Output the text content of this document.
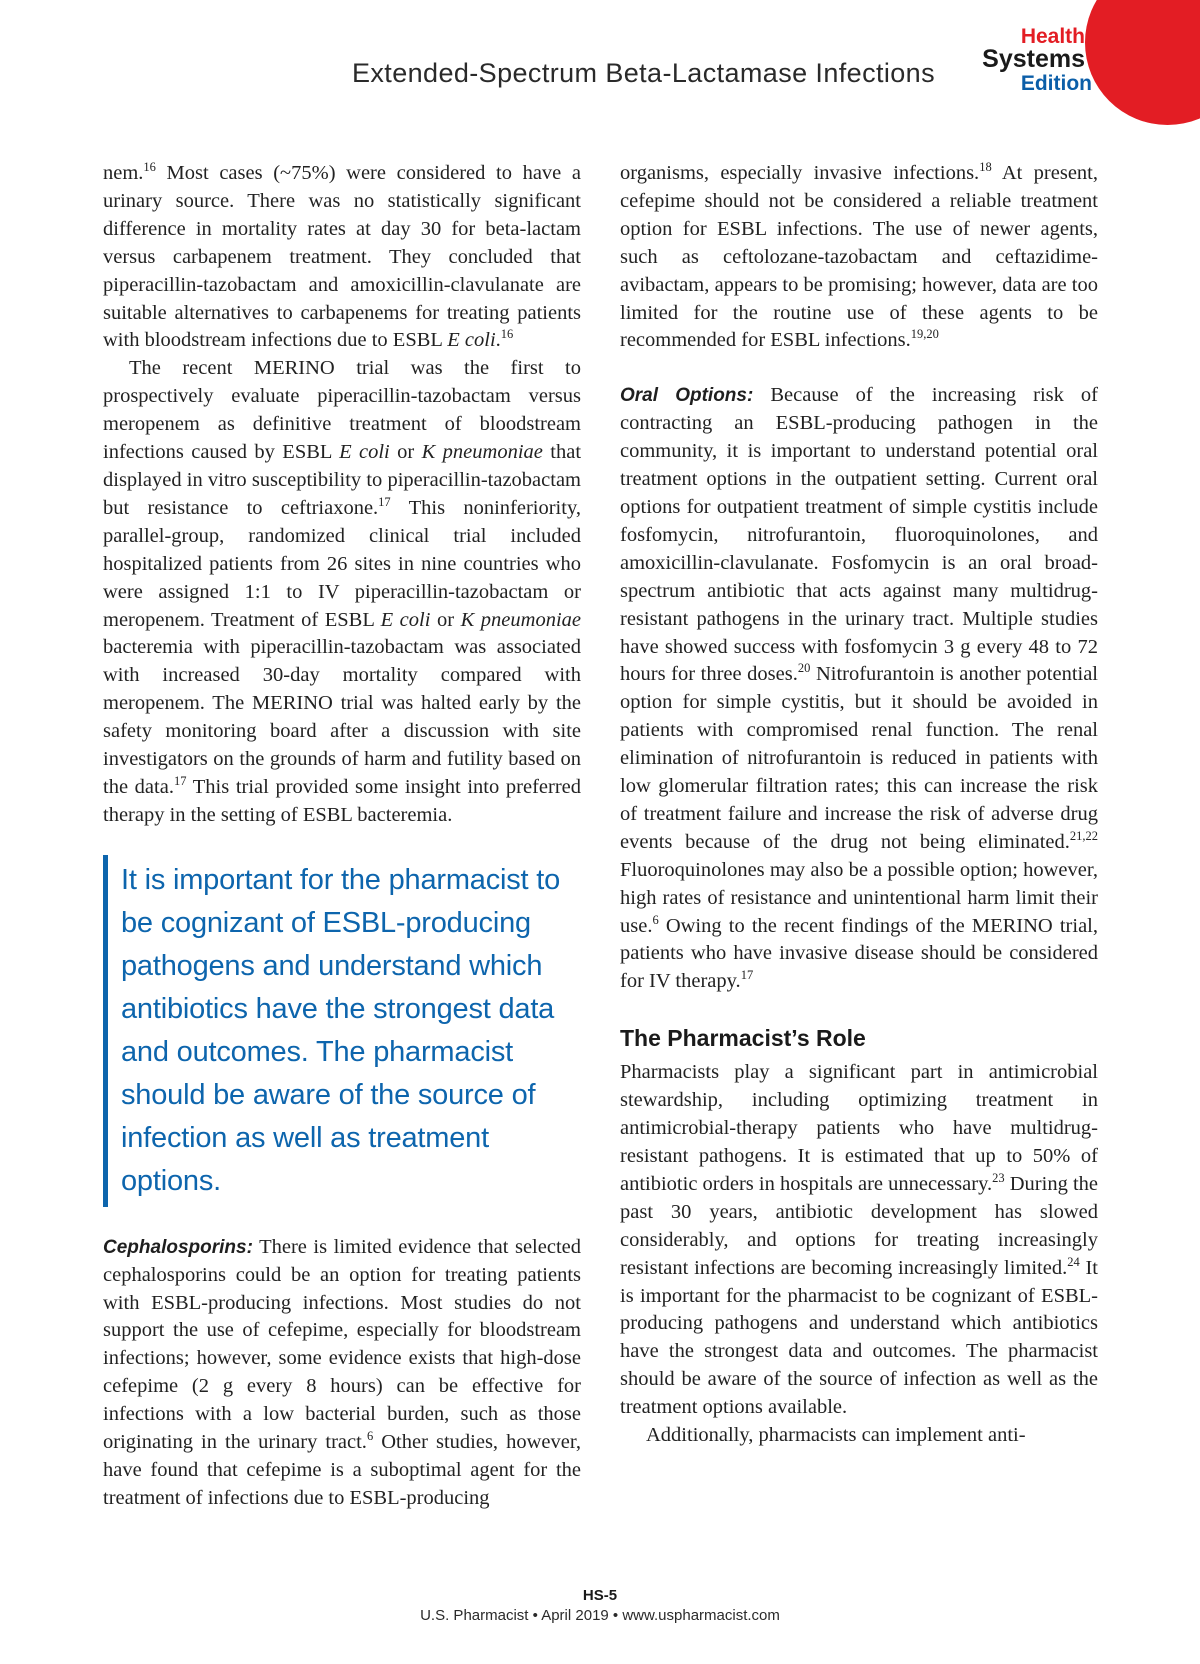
Extended-Spectrum Beta-Lactamase Infections
Health
Systems
Edition

nem.$^{16}$ Most cases (~75%) were considered to have a urinary source. There was no statistically significant difference in mortality rates at day 30 for beta-lactam versus carbapenem treatment. They concluded that piperacillin-tazobactam and amoxicillin-clavulanate are suitable alternatives to carbapenems for treating patients with bloodstream infections due to ESBL E coli.$^{16}$

The recent MERINO trial was the first to prospectively evaluate piperacillin-tazobactam versus meropenem as definitive treatment of bloodstream infections caused by ESBL E coli or K pneumoniae that displayed in vitro susceptibility to piperacillin-tazobactam but resistance to ceftriaxone.$^{17}$ This noninferiority, parallel-group, randomized clinical trial included hospitalized patients from 26 sites in nine countries who were assigned 1:1 to IV piperacillin-tazobactam or meropenem. Treatment of ESBL E coli or K pneumoniae bacteremia with piperacillin-tazobactam was associated with increased 30-day mortality compared with meropenem. The MERINO trial was halted early by the safety monitoring board after a discussion with site investigators on the grounds of harm and futility based on the data.$^{17}$ This trial provided some insight into preferred therapy in the setting of ESBL bacteremia.

It is important for the pharmacist to be cognizant of ESBL-producing pathogens and understand which antibiotics have the strongest data and outcomes. The pharmacist should be aware of the source of infection as well as treatment options.

Cephalosporins: There is limited evidence that selected cephalosporins could be an option for treating patients with ESBL-producing infections. Most studies do not support the use of cefepime, especially for bloodstream infections; however, some evidence exists that high-dose cefepime (2 g every 8 hours) can be effective for infections with a low bacterial burden, such as those originating in the urinary tract.$^6$ Other studies, however, have found that cefepime is a suboptimal agent for the treatment of infections due to ESBL-producing

organisms, especially invasive infections.$^{18}$ At present, cefepime should not be considered a reliable treatment option for ESBL infections. The use of newer agents, such as ceftolozane-tazobactam and ceftazidime-avibactam, appears to be promising; however, data are too limited for the routine use of these agents to be recommended for ESBL infections.$^{19,20}$

Oral Options: Because of the increasing risk of contracting an ESBL-producing pathogen in the community, it is important to understand potential oral treatment options in the outpatient setting. Current oral options for outpatient treatment of simple cystitis include fosfomycin, nitrofurantoin, fluoroquinolones, and amoxicillin-clavulanate. Fosfomycin is an oral broad-spectrum antibiotic that acts against many multidrug-resistant pathogens in the urinary tract. Multiple studies have showed success with fosfomycin 3 g every 48 to 72 hours for three doses.$^{20}$ Nitrofurantoin is another potential option for simple cystitis, but it should be avoided in patients with compromised renal function. The renal elimination of nitrofurantoin is reduced in patients with low glomerular filtration rates; this can increase the risk of treatment failure and increase the risk of adverse drug events because of the drug not being eliminated.$^{21,22}$ Fluoroquinolones may also be a possible option; however, high rates of resistance and unintentional harm limit their use.$^6$ Owing to the recent findings of the MERINO trial, patients who have invasive disease should be considered for IV therapy.$^{17}$

The Pharmacist’s Role

Pharmacists play a significant part in antimicrobial stewardship, including optimizing treatment in antimicrobial-therapy patients who have multidrug-resistant pathogens. It is estimated that up to 50% of antibiotic orders in hospitals are unnecessary.$^{23}$ During the past 30 years, antibiotic development has slowed considerably, and options for treating increasingly resistant infections are becoming increasingly limited.$^{24}$ It is important for the pharmacist to be cognizant of ESBL-producing pathogens and understand which antibiotics have the strongest data and outcomes. The pharmacist should be aware of the source of infection as well as the treatment options available.

Additionally, pharmacists can implement anti-

HS-5
U.S. Pharmacist • April 2019 • www.uspharmacist.com
